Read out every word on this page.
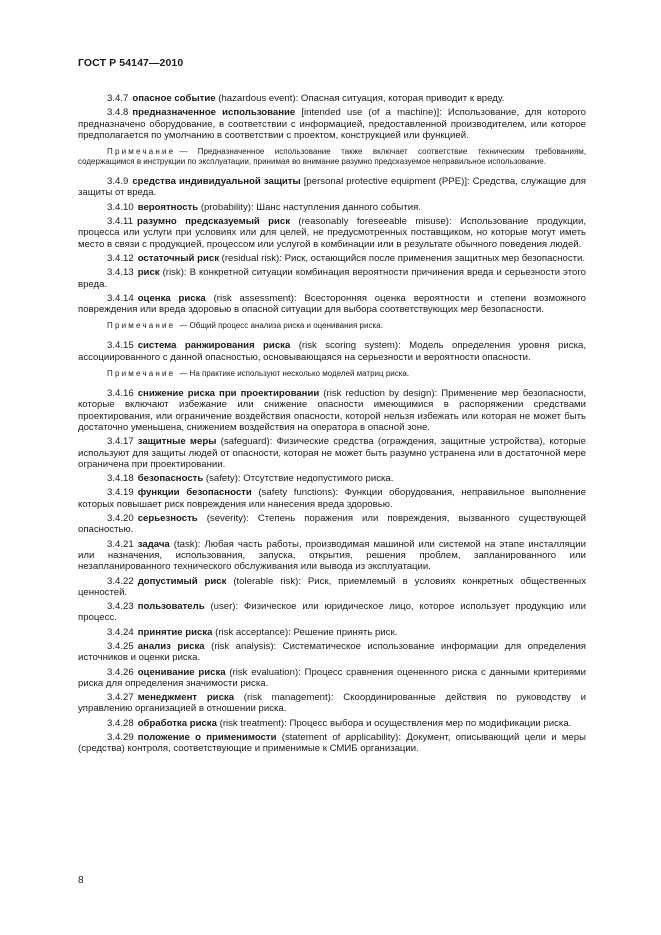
ГОСТ Р 54147—2010

3.4.7 опасное событие (hazardous event): Опасная ситуация, которая приводит к вреду.

3.4.8 предназначенное использование [intended use (of a machine)]: Использование, для которого предназначено оборудование, в соответствии с информацией, предоставленной производителем, или которое предполагается по умолчанию в соответствии с проектом, конструкцией или функцией.

Примечание — Предназначенное использование также включает соответствие техническим требованиям, содержащимся в инструкции по эксплуатации, принимая во внимание разумно предсказуемое неправильное использование.

3.4.9 средства индивидуальной защиты [personal protective equipment (PPE)]: Средства, служащие для защиты от вреда.

3.4.10 вероятность (probability): Шанс наступления данного события.

3.4.11 разумно предсказуемый риск (reasonably foreseeable misuse): Использование продукции, процесса или услуги при условиях или для целей, не предусмотренных поставщиком, но которые могут иметь место в связи с продукцией, процессом или услугой в комбинации или в результате обычного поведения людей.

3.4.12 остаточный риск (residual risk): Риск, остающийся после применения защитных мер безопасности.

3.4.13 риск (risk): В конкретной ситуации комбинация вероятности причинения вреда и серьезности этого вреда.

3.4.14 оценка риска (risk assessment): Всесторонняя оценка вероятности и степени возможного повреждения или вреда здоровью в опасной ситуации для выбора соответствующих мер безопасности.

Примечание — Общий процесс анализа риска и оценивания риска.

3.4.15 система ранжирования риска (risk scoring system): Модель определения уровня риска, ассоциированного с данной опасностью, основывающаяся на серьезности и вероятности опасности.

Примечание — На практике используют несколько моделей матриц риска.

3.4.16 снижение риска при проектировании (risk reduction by design): Применение мер безопасности, которые включают избежание или снижение опасности имеющимися в распоряжении средствами проектирования, или ограничение воздействия опасности, которой нельзя избежать или которая не может быть достаточно уменьшена, снижением воздействия на оператора в опасной зоне.

3.4.17 защитные меры (safeguard): Физические средства (ограждения, защитные устройства), которые используют для защиты людей от опасности, которая не может быть разумно устранена или в достаточной мере ограничена при проектировании.

3.4.18 безопасность (safety): Отсутствие недопустимого риска.

3.4.19 функции безопасности (safety functions): Функции оборудования, неправильное выполнение которых повышает риск повреждения или нанесения вреда здоровью.

3.4.20 серьезность (severity): Степень поражения или повреждения, вызванного существующей опасностью.

3.4.21 задача (task): Любая часть работы, производимая машиной или системой на этапе инсталляции или назначения, использования, запуска, открытия, решения проблем, запланированного или незапланированного технического обслуживания или вывода из эксплуатации.

3.4.22 допустимый риск (tolerable risk): Риск, приемлемый в условиях конкретных общественных ценностей.

3.4.23 пользователь (user): Физическое или юридическое лицо, которое использует продукцию или процесс.

3.4.24 принятие риска (risk acceptance): Решение принять риск.

3.4.25 анализ риска (risk analysis): Систематическое использование информации для определения источников и оценки риска.

3.4.26 оценивание риска (risk evaluation): Процесс сравнения оцененного риска с данными критериями риска для определения значимости риска.

3.4.27 менеджмент риска (risk management): Скоординированные действия по руководству и управлению организацией в отношении риска.

3.4.28 обработка риска (risk treatment): Процесс выбора и осуществления мер по модификации риска.

3.4.29 положение о применимости (statement of applicability): Документ, описывающий цели и меры (средства) контроля, соответствующие и применимые к СМИБ организации.

8
